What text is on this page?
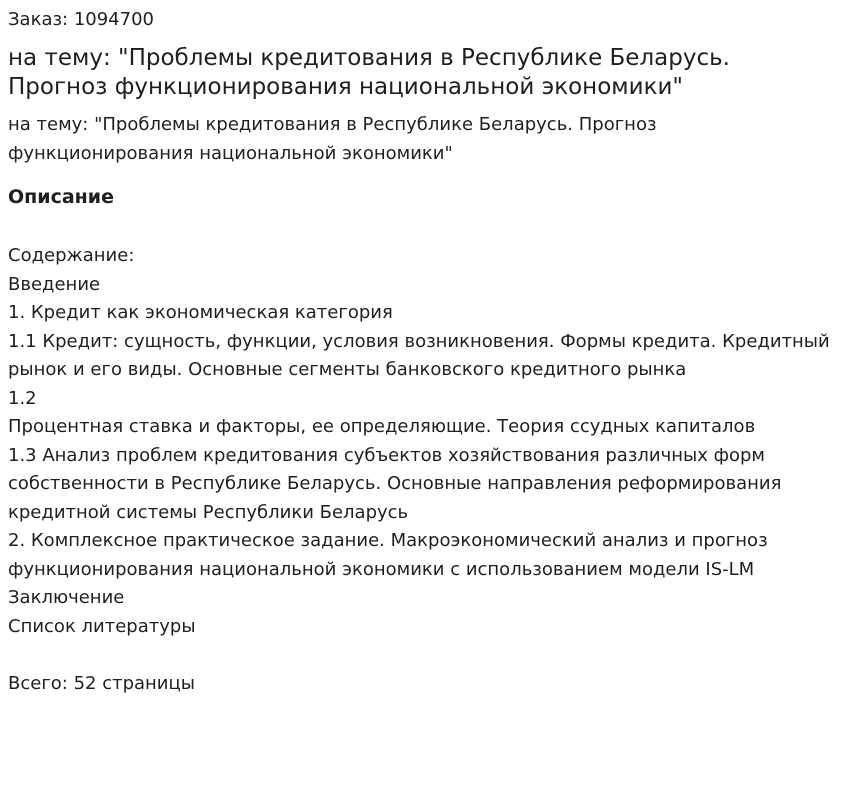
Заказ: 1094700

на тему: "Проблемы кредитования в Республике Беларусь.
Прогноз функционирования национальной экономики"

на тему: "Проблемы кредитования в Республике Беларусь. Прогноз функционирования национальной экономики"

Описание

Содержание:

Введение
1. Кредит как экономическая категория
1.1 Кредит: сущность, функции, условия возникновения. Формы кредита. Кредитный рынок и его виды. Основные сегменты банковского кредитного рынка
1.2
Процентная ставка и факторы, ее определяющие. Теория ссудных капиталов
1.3 Анализ проблем кредитования субъектов хозяйствования различных форм собственности в Республике Беларусь. Основные направления реформирования кредитной системы Республики Беларусь
2. Комплексное практическое задание. Макроэкономический анализ и прогноз функционирования национальной экономики с использованием модели IS-LM
Заключение
Список литературы

Всего: 52 страницы
